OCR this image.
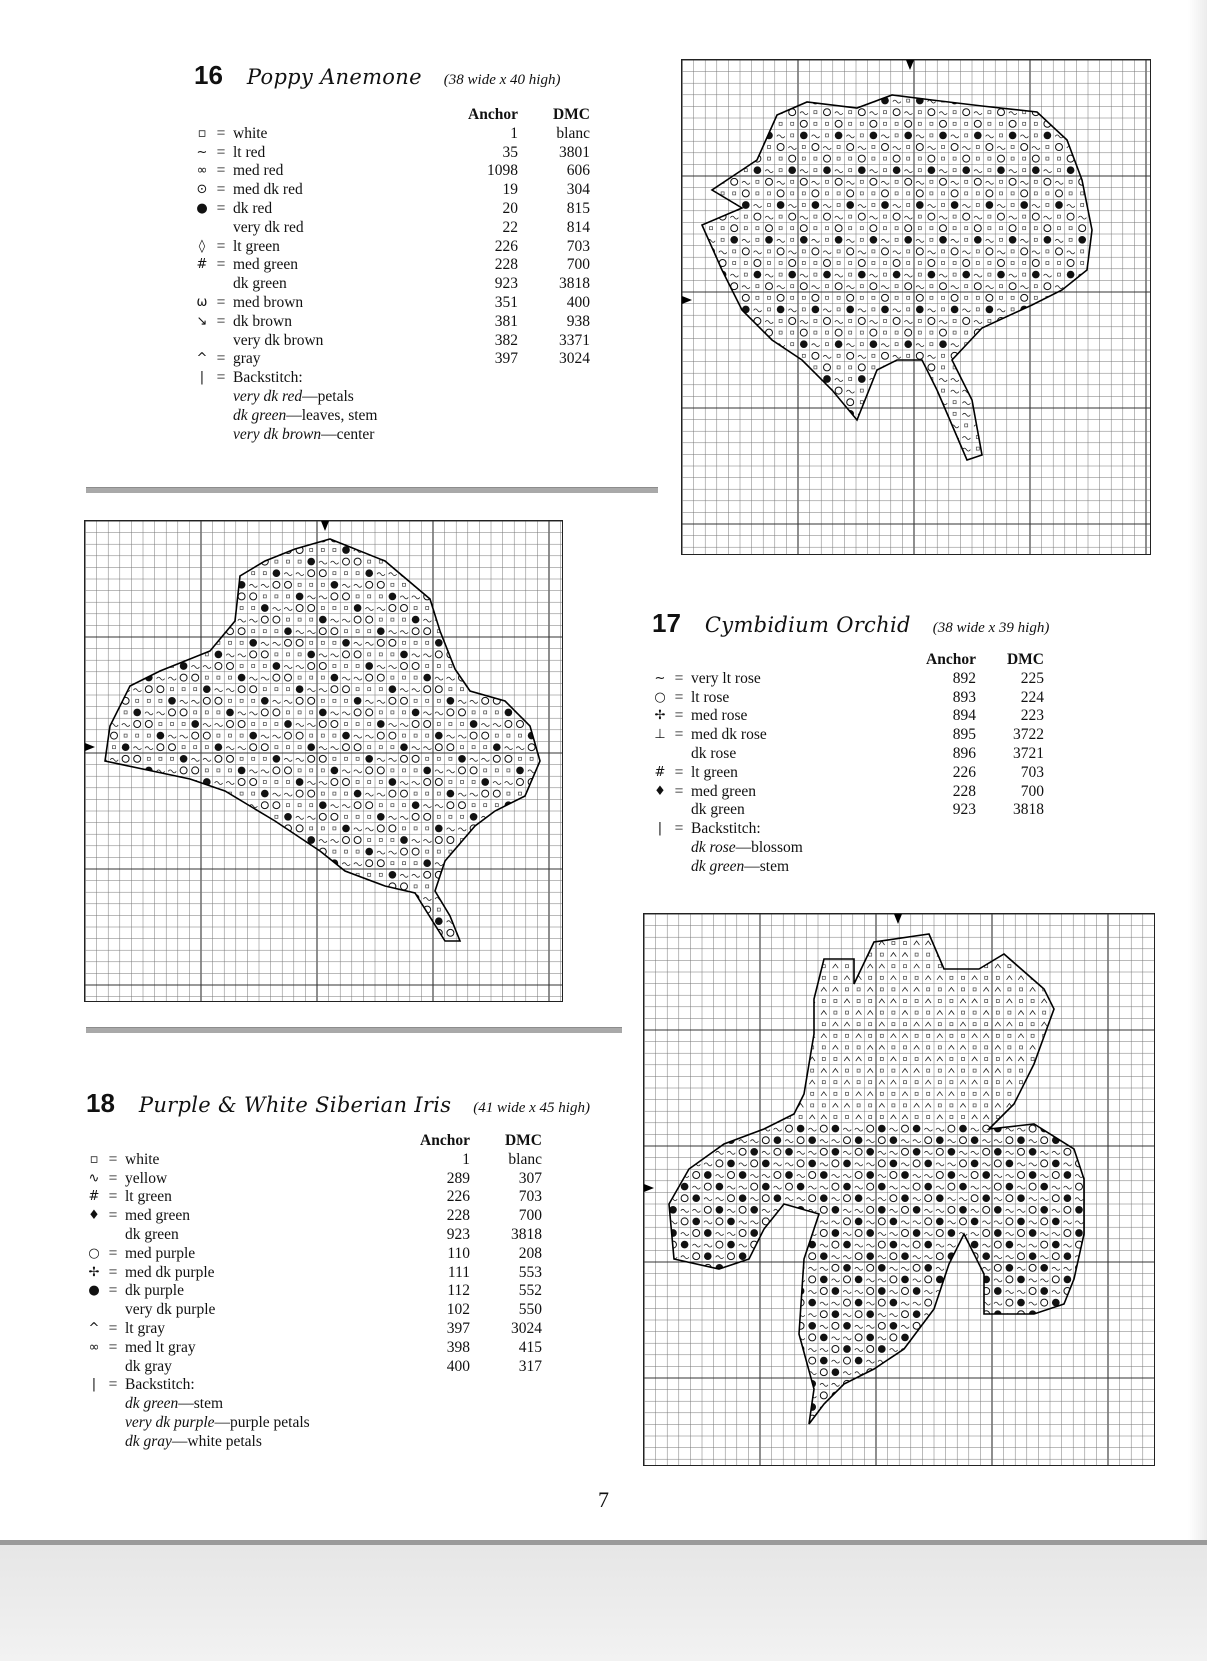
16 Poppy Anemone (38 wide x 40 high)
Anchor DMC
▫ = white	1 blanc
~ = lt red	35	3801
∞ = med red	1098	606
⊙ = med dk red	19	304
● = dk red	20	815
very dk red	22	814
◊ = lt green	226	703
# = med green	228	700
dk green	923	3818
ω = med brown	351	400
↘ = dk brown	381	938
very dk brown	382	3371
^ = gray	397	3024
| = Backstitch:
very dk red—petals
dk green—leaves, stem
very dk brown—center
17 Cymbidium Orchid (38 wide x 39 high)
Anchor DMC
~ = very lt rose	892	225
○ = lt rose	893	224
✢ = med rose	894	223
⊥ = med dk rose	895 3722
dk rose	896 3721
# = lt green	226	703
♦ = med green	228	700
dk green	923 3818
| = Backstitch:
dk rose—blossom
dk green—stem
18 Purple & White Siberian Iris (41 wide x 45 high)
Anchor DMC
▫ = white	1 blanc
∿ = yellow	289	307
# = lt green	226	703
♦ = med green	228	700
dk green	923	3818
○ = med purple	110	208
✢ = med dk purple	111	553
● = dk purple	112	552
very dk purple	102	550
^ = lt gray	397	3024
∞ = med lt gray	398	415
dk gray	400	317
| = Backstitch:
dk green—stem
very dk purple—purple petals
dk gray—white petals
7
